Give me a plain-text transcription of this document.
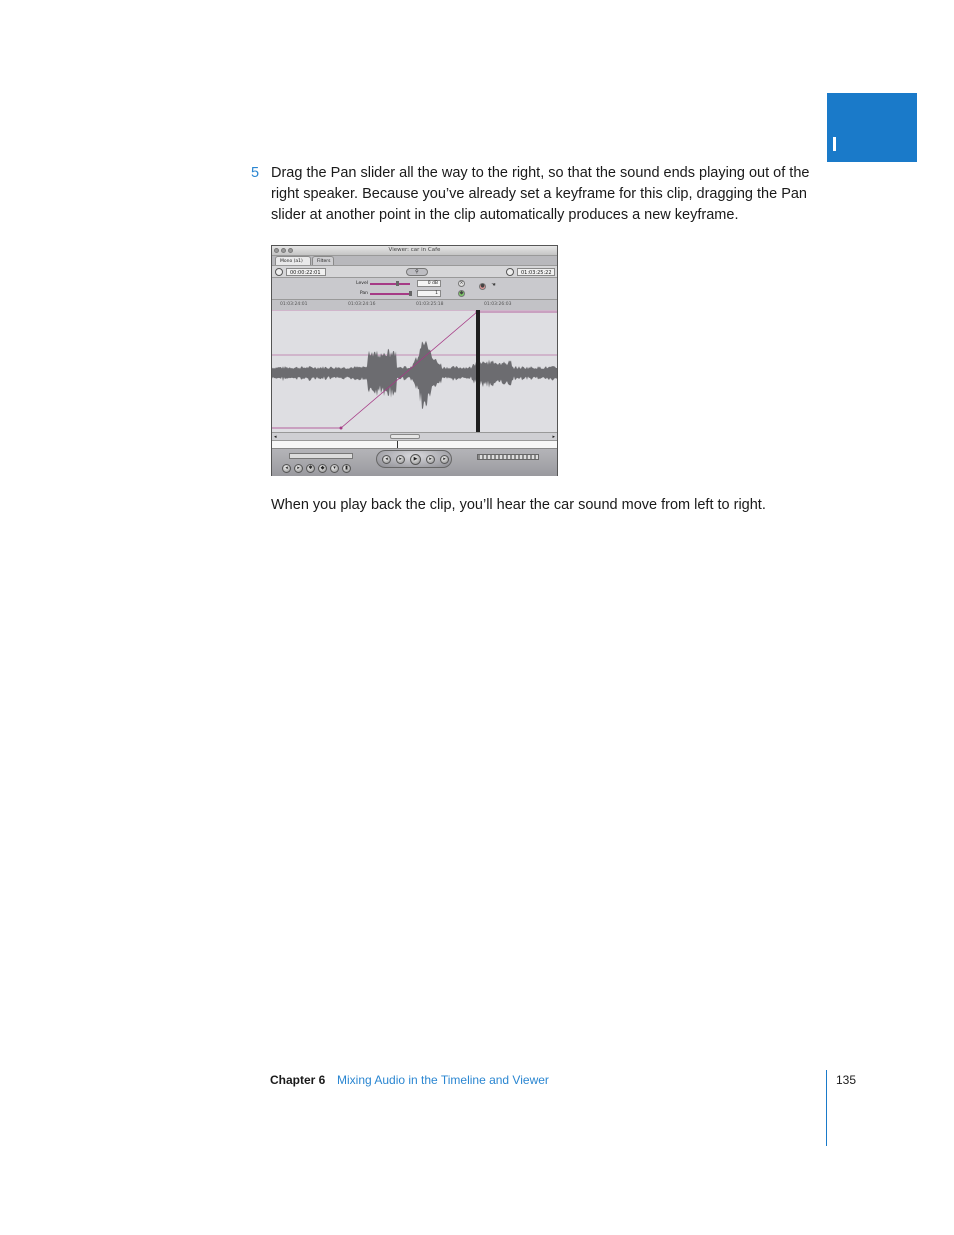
5 Drag the Pan slider all the way to the right, so that the sound ends playing out of the right speaker. Because you’ve already set a keyframe for this clip, dragging the Pan slider at another point in the clip automatically produces a new keyframe.
Viewer: car in Cafe
Mono (a1)	Filters
00:00:22:01	⚲	01:03:25:22
Level	0 dB
Pan	1
×
◆
● ☚
01:03:24:01	01:03:24:16	01:03:25:18	01:03:26:03
◂	▸
◂	▸	✱	◆	▾	▮
◂	▸	▶	▸	▸
When you play back the clip, you’ll hear the car sound move from left to right.
Chapter 6 Mixing Audio in the Timeline and Viewer	135
